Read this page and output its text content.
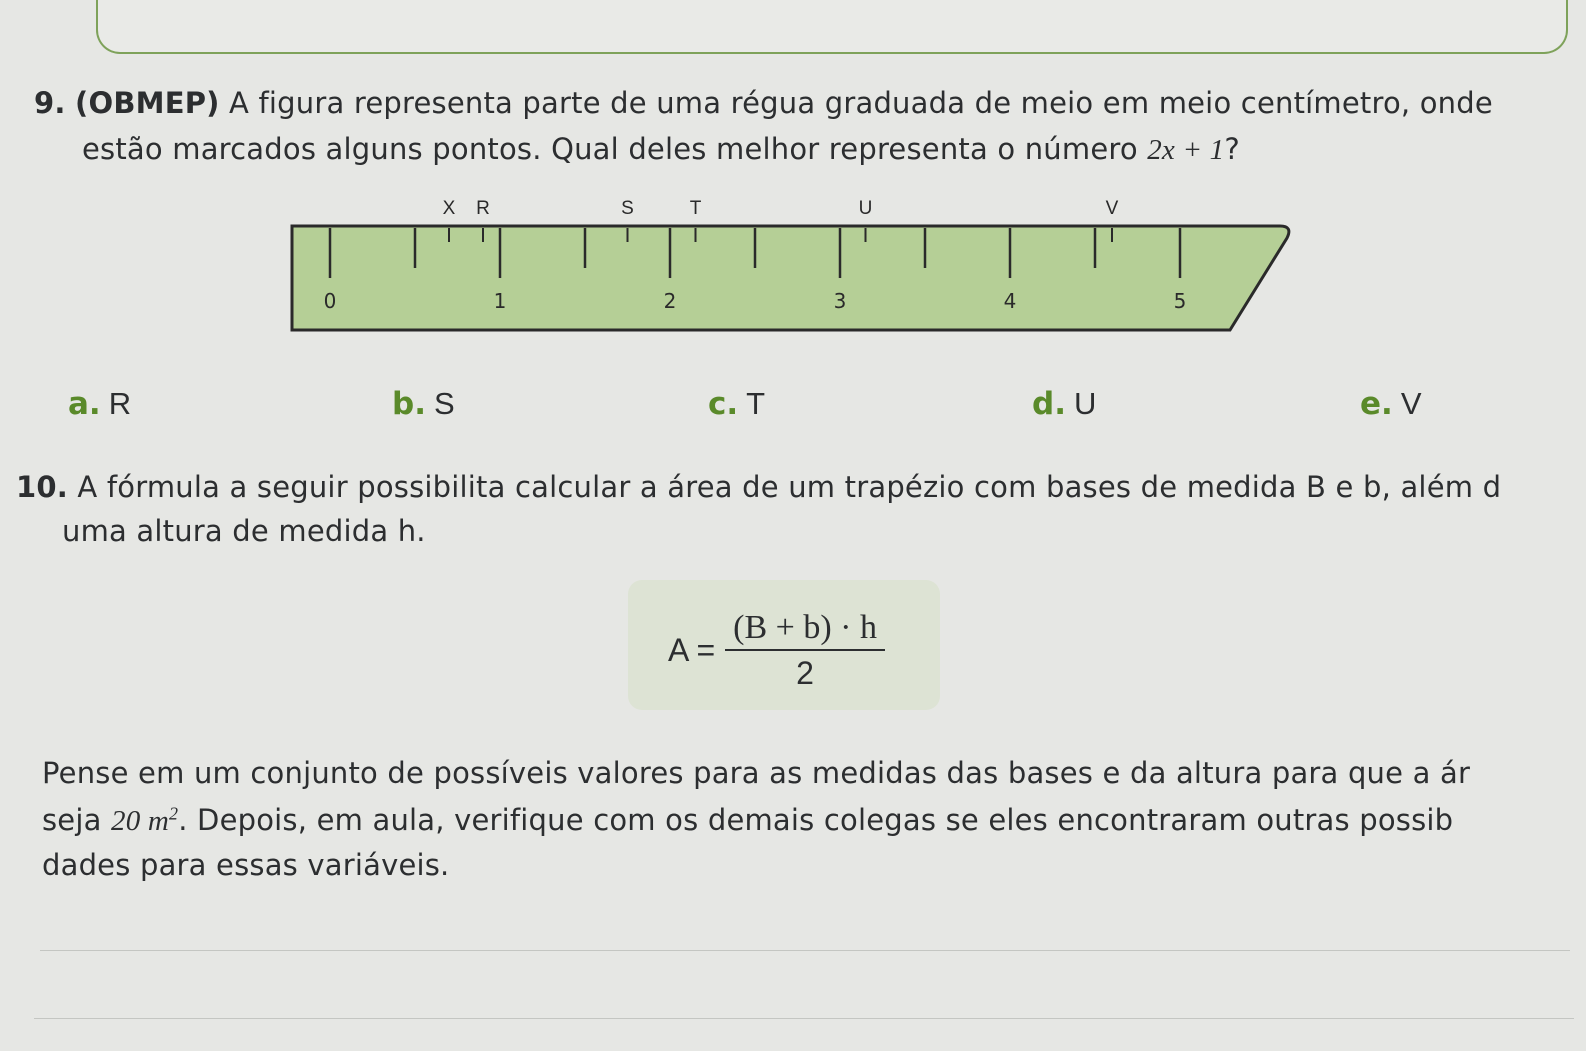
9. (OBMEP) A figura representa parte de uma régua graduada de meio em meio centímetro, onde
estão marcados alguns pontos. Qual deles melhor representa o número 2x + 1?
0	1	2	3	4	5
X R	S	T	U	V
a. R	b. S	c. T	d. U	e. V
10. A fórmula a seguir possibilita calcular a área de um trapézio com bases de medida B e b, além d
uma altura de medida h.
$A = \frac{(B + b) \cdot h}{2}$
Pense em um conjunto de possíveis valores para as medidas das bases e da altura para que a ár
seja 20 $m^2$. Depois, em aula, verifique com os demais colegas se eles encontraram outras possib
dades para essas variáveis.
